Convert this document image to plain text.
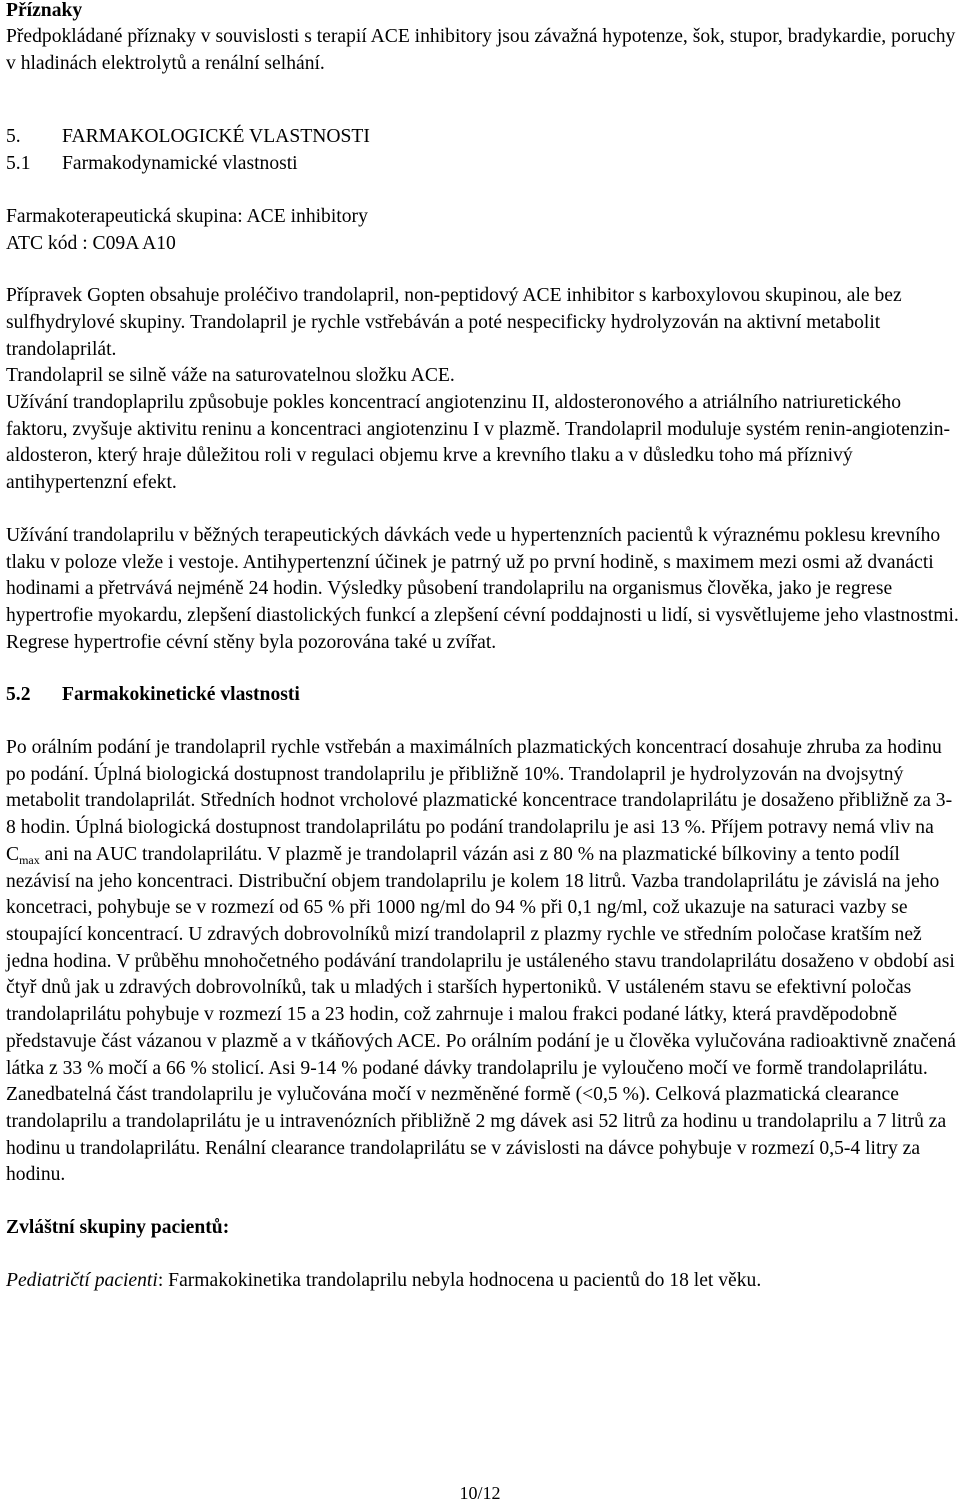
Příznaky

Předpokládané příznaky v souvislosti s terapií ACE inhibitory jsou závažná hypotenze, šok, stupor, bradykardie, poruchy v hladinách elektrolytů a renální selhání.

5. FARMAKOLOGICKÉ VLASTNOSTI

5.1 Farmakodynamické vlastnosti

Farmakoterapeutická skupina: ACE inhibitory

ATC kód : C09A A10

Přípravek Gopten obsahuje proléčivo trandolapril, non-peptidový ACE inhibitor s karboxylovou skupinou, ale bez sulfhydrylové skupiny. Trandolapril je rychle vstřebáván a poté nespecificky hydrolyzován na aktivní metabolit trandolaprilát.

Trandolapril se silně váže na saturovatelnou složku ACE.

Užívání trandoplaprilu způsobuje pokles koncentrací angiotenzinu II, aldosteronového a atriálního natriuretického faktoru, zvyšuje aktivitu reninu a koncentraci angiotenzinu I v plazmě. Trandolapril moduluje systém renin-angiotenzin-aldosteron, který hraje důležitou roli v regulaci objemu krve a krevního tlaku a v důsledku toho má příznivý antihypertenzní efekt.

Užívání trandolaprilu v běžných terapeutických dávkách vede u hypertenzních pacientů k výraznému poklesu krevního tlaku v poloze vleže i vestoje. Antihypertenzní účinek je patrný už po první hodině, s maximem mezi osmi až dvanácti hodinami a přetrvává nejméně 24 hodin. Výsledky působení trandolaprilu na organismus člověka, jako je regrese hypertrofie myokardu, zlepšení diastolických funkcí a zlepšení cévní poddajnosti u lidí, si vysvětlujeme jeho vlastnostmi. Regrese hypertrofie cévní stěny byla pozorována také u zvířat.

5.2 Farmakokinetické vlastnosti

Po orálním podání je trandolapril rychle vstřebán a maximálních plazmatických koncentrací dosahuje zhruba za hodinu po podání. Úplná biologická dostupnost trandolaprilu je přibližně 10%. Trandolapril je hydrolyzován na dvojsytný metabolit trandolaprilát. Středních hodnot vrcholové plazmatické koncentrace trandolaprilátu je dosaženo přibližně za 3-8 hodin. Úplná biologická dostupnost trandolaprilátu po podání trandolaprilu je asi 13 %. Příjem potravy nemá vliv na $C_{max}$ ani na AUC trandolaprilátu. V plazmě je trandolapril vázán asi z 80 % na plazmatické bílkoviny a tento podíl nezávisí na jeho koncentraci. Distribuční objem trandolaprilu je kolem 18 litrů. Vazba trandolaprilátu je závislá na jeho koncetraci, pohybuje se v rozmezí od 65 % při 1000 ng/ml do 94 % při 0,1 ng/ml, což ukazuje na saturaci vazby se stoupající koncentrací. U zdravých dobrovolníků mizí trandolapril z plazmy rychle ve středním poločase kratším než jedna hodina. V průběhu mnohočetného podávání trandolaprilu je ustáleného stavu trandolaprilátu dosaženo v období asi čtyř dnů jak u zdravých dobrovolníků, tak u mladých i starších hypertoniků. V ustáleném stavu se efektivní poločas trandolaprilátu pohybuje v rozmezí 15 a 23 hodin, což zahrnuje i malou frakci podané látky, která pravděpodobně představuje část vázanou v plazmě a v tkáňových ACE. Po orálním podání je u člověka vylučována radioaktivně značená látka z 33 % močí a 66 % stolicí. Asi 9-14 % podané dávky trandolaprilu je vyloučeno močí ve formě trandolaprilátu. Zanedbatelná část trandolaprilu je vylučována močí v nezměněné formě (<0,5 %). Celková plazmatická clearance trandolaprilu a trandolaprilátu je u intravenózních přibližně 2 mg dávek asi 52 litrů za hodinu u trandolaprilu a 7 litrů za hodinu u trandolaprilátu. Renální clearance trandolaprilátu se v závislosti na dávce pohybuje v rozmezí 0,5-4 litry za hodinu.

Zvláštní skupiny pacientů:

Pediatričtí pacienti: Farmakokinetika trandolaprilu nebyla hodnocena u pacientů do 18 let věku.

10/12
